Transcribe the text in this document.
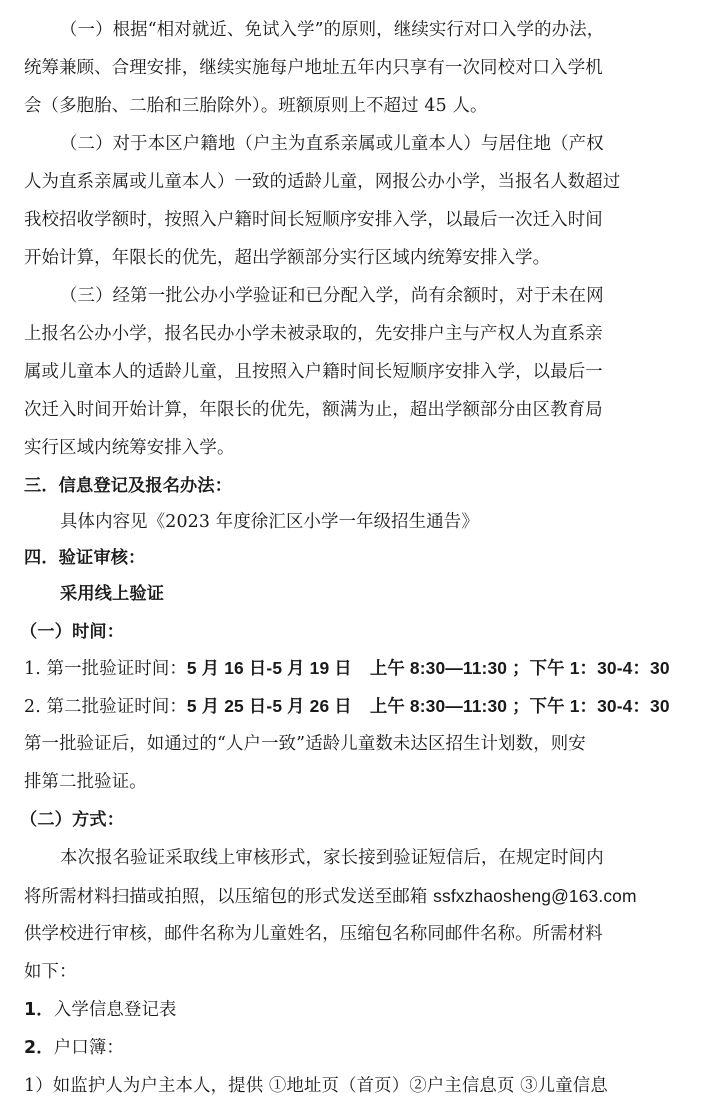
（一）根据“相对就近、免试入学”的原则，继续实行对口入学的办法，
统筹兼顾、合理安排，继续实施每户地址五年内只享有一次同校对口入学机
会（多胞胎、二胎和三胎除外）。班额原则上不超过 45 人。
（二）对于本区户籍地（户主为直系亲属或儿童本人）与居住地（产权
人为直系亲属或儿童本人）一致的适龄儿童，网报公办小学，当报名人数超过
我校招收学额时，按照入户籍时间长短顺序安排入学，以最后一次迁入时间
开始计算，年限长的优先，超出学额部分实行区域内统筹安排入学。
（三）经第一批公办小学验证和已分配入学，尚有余额时，对于未在网
上报名公办小学，报名民办小学未被录取的，先安排户主与产权人为直系亲
属或儿童本人的适龄儿童，且按照入户籍时间长短顺序安排入学，以最后一
次迁入时间开始计算，年限长的优先，额满为止，超出学额部分由区教育局
实行区域内统筹安排入学。
三．信息登记及报名办法：
具体内容见《2023 年度徐汇区小学一年级招生通告》
四．验证审核：
采用线上验证
（一）时间：
1. 第一批验证时间：5 月 16 日-5 月 19 日 上午 8:30—11:30 ；下午 1：30-4：30
2. 第二批验证时间：5 月 25 日-5 月 26 日 上午 8:30—11:30 ；下午 1：30-4：30
第一批验证后，如通过的“人户一致”适龄儿童数未达区招生计划数，则安
排第二批验证。
（二）方式：
本次报名验证采取线上审核形式，家长接到验证短信后，在规定时间内
将所需材料扫描或拍照，以压缩包的形式发送至邮箱 ssfxzhaosheng@163.com
供学校进行审核，邮件名称为儿童姓名，压缩包名称同邮件名称。所需材料
如下：
1．入学信息登记表
2．户口簿：
1）如监护人为户主本人，提供 ①地址页（首页）②户主信息页 ③儿童信息
